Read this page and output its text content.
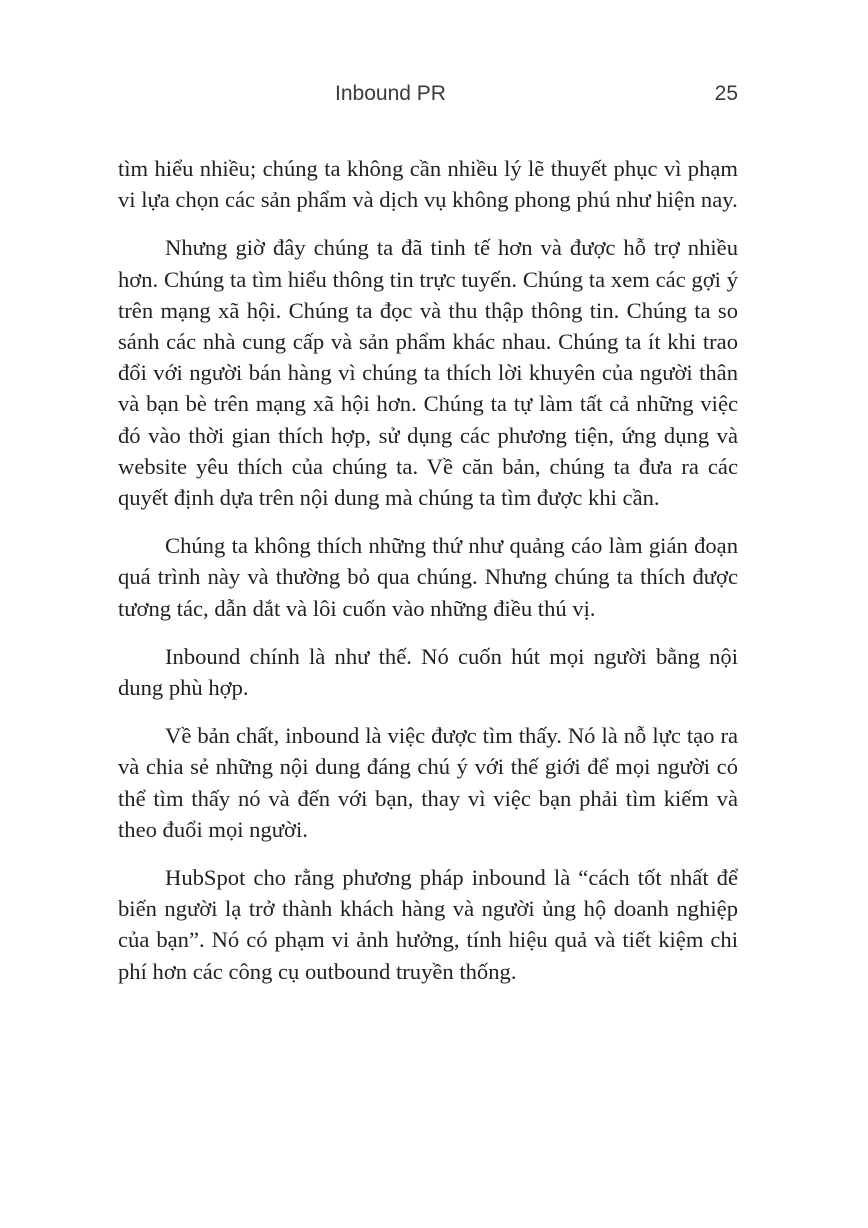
Inbound PR	25

tìm hiểu nhiều; chúng ta không cần nhiều lý lẽ thuyết phục vì phạm vi lựa chọn các sản phẩm và dịch vụ không phong phú như hiện nay.

Nhưng giờ đây chúng ta đã tinh tế hơn và được hỗ trợ nhiều hơn. Chúng ta tìm hiểu thông tin trực tuyến. Chúng ta xem các gợi ý trên mạng xã hội. Chúng ta đọc và thu thập thông tin. Chúng ta so sánh các nhà cung cấp và sản phẩm khác nhau. Chúng ta ít khi trao đổi với người bán hàng vì chúng ta thích lời khuyên của người thân và bạn bè trên mạng xã hội hơn. Chúng ta tự làm tất cả những việc đó vào thời gian thích hợp, sử dụng các phương tiện, ứng dụng và website yêu thích của chúng ta. Về căn bản, chúng ta đưa ra các quyết định dựa trên nội dung mà chúng ta tìm được khi cần.

Chúng ta không thích những thứ như quảng cáo làm gián đoạn quá trình này và thường bỏ qua chúng. Nhưng chúng ta thích được tương tác, dẫn dắt và lôi cuốn vào những điều thú vị.

Inbound chính là như thế. Nó cuốn hút mọi người bằng nội dung phù hợp.

Về bản chất, inbound là việc được tìm thấy. Nó là nỗ lực tạo ra và chia sẻ những nội dung đáng chú ý với thế giới để mọi người có thể tìm thấy nó và đến với bạn, thay vì việc bạn phải tìm kiếm và theo đuổi mọi người.

HubSpot cho rằng phương pháp inbound là “cách tốt nhất để biến người lạ trở thành khách hàng và người ủng hộ doanh nghiệp của bạn”. Nó có phạm vi ảnh hưởng, tính hiệu quả và tiết kiệm chi phí hơn các công cụ outbound truyền thống.
